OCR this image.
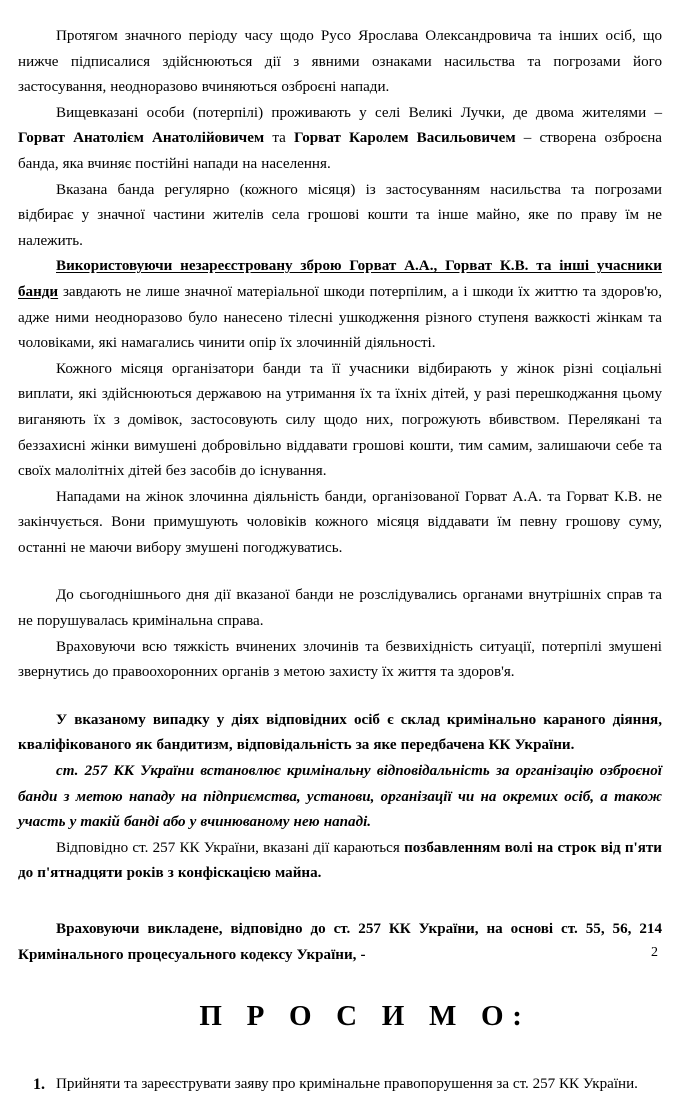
Протягом значного періоду часу щодо Русо Ярослава Олександровича та інших осіб, що нижче підписалися здійснюються дії з явними ознаками насильства та погрозами його застосування, неодноразово вчиняються озброєні напади.

Вищевказані особи (потерпілі) проживають у селі Великі Лучки, де двома жителями – Горват Анатолієм Анатолійовичем та Горват Каролем Васильовичем – створена озброєна банда, яка вчиняє постійні напади на населення.

Вказана банда регулярно (кожного місяця) із застосуванням насильства та погрозами відбирає у значної частини жителів села грошові кошти та інше майно, яке по праву їм не належить.

Використовуючи незареєстровану зброю Горват А.А., Горват К.В. та інші учасники банди завдають не лише значної матеріальної шкоди потерпілим, а і шкоди їх життю та здоров'ю, адже ними неодноразово було нанесено тілесні ушкодження різного ступеня важкості жінкам та чоловіками, які намагались чинити опір їх злочинній діяльності.

Кожного місяця організатори банди та її учасники відбирають у жінок різні соціальні виплати, які здійснюються державою на утримання їх та їхніх дітей, у разі перешкоджання цьому виганяють їх з домівок, застосовують силу щодо них, погрожують вбивством. Перелякані та беззахисні жінки вимушені добровільно віддавати грошові кошти, тим самим, залишаючи себе та своїх малолітніх дітей без засобів до існування.

Нападами на жінок злочинна діяльність банди, організованої Горват А.А. та Горват К.В. не закінчується. Вони примушують чоловіків кожного місяця віддавати їм певну грошову суму, останні не маючи вибору змушені погоджуватись.

До сьогоднішнього дня дії вказаної банди не розслідувались органами внутрішніх справ та не порушувалась кримінальна справа.

Враховуючи всю тяжкість вчинених злочинів та безвихідність ситуації, потерпілі змушені звернутись до правоохоронних органів з метою захисту їх життя та здоров'я.

У вказаному випадку у діях відповідних осіб є склад кримінально караного діяння, кваліфікованого як бандитизм, відповідальність за яке передбачена КК України.

ст. 257 КК України встановлює кримінальну відповідальність за організацію озброєної банди з метою нападу на підприємства, установи, організації чи на окремих осіб, а також участь у такій банді або у вчинюваному нею нападі.

Відповідно ст. 257 КК України, вказані дії караються позбавленням волі на строк від п'яти до п'ятнадцяти років з конфіскацією майна.

Враховуючи викладене, відповідно до ст. 257 КК України, на основі ст. 55, 56, 214 Кримінального процесуального кодексу України, -

П Р О С И М О:
1. Прийняти та зареєструвати заяву про кримінальне правопорушення за ст. 257 КК України.
2
